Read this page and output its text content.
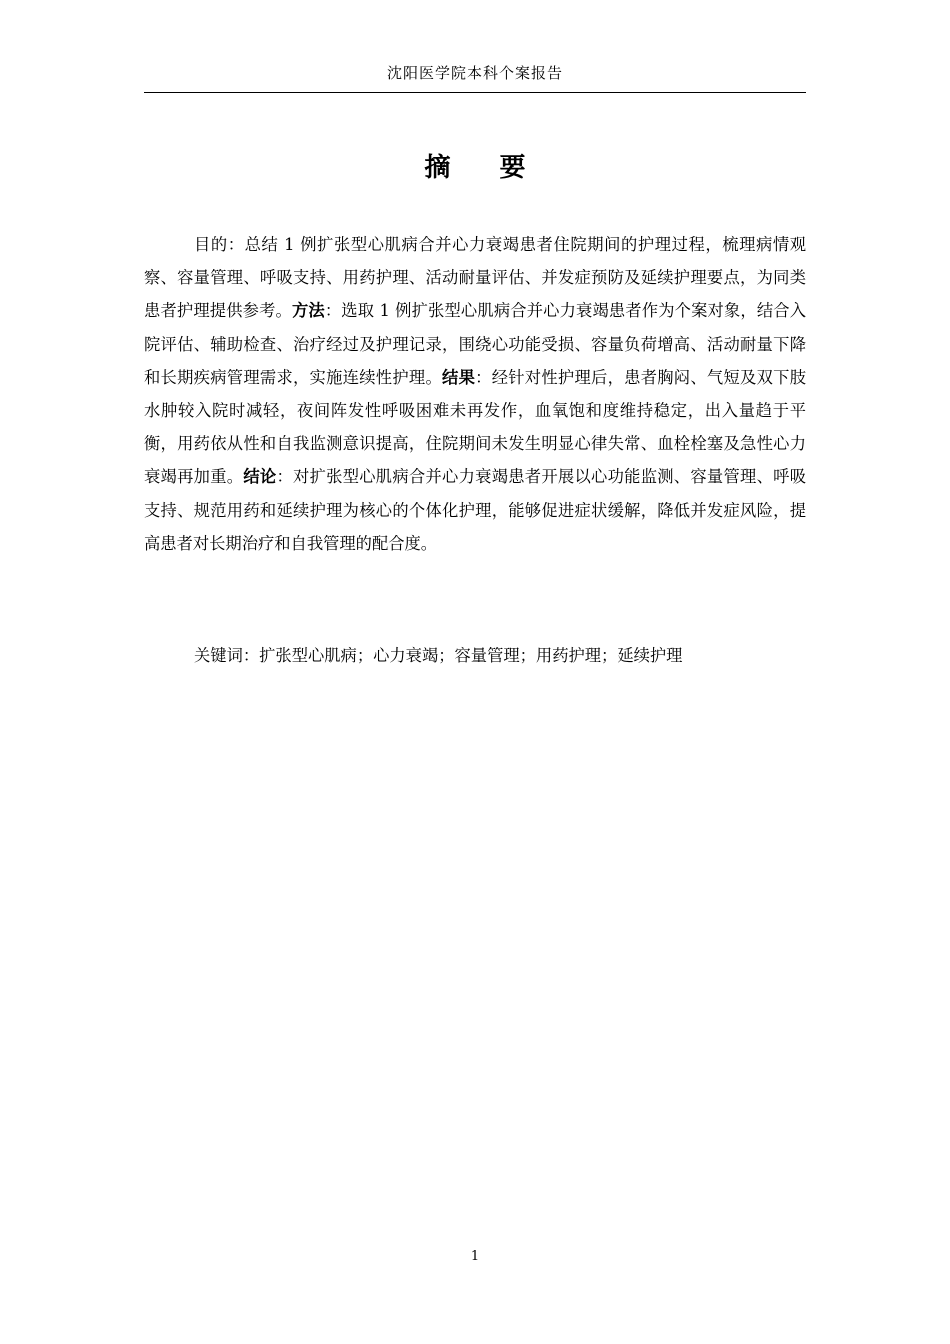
沈阳医学院本科个案报告
摘 要

目的：总结 1 例扩张型心肌病合并心力衰竭患者住院期间的护理过程，梳理病情观察、容量管理、呼吸支持、用药护理、活动耐量评估、并发症预防及延续护理要点，为同类患者护理提供参考。方法：选取 1 例扩张型心肌病合并心力衰竭患者作为个案对象，结合入院评估、辅助检查、治疗经过及护理记录，围绕心功能受损、容量负荷增高、活动耐量下降和长期疾病管理需求，实施连续性护理。结果：经针对性护理后，患者胸闷、气短及双下肢水肿较入院时减轻，夜间阵发性呼吸困难未再发作，血氧饱和度维持稳定，出入量趋于平衡，用药依从性和自我监测意识提高，住院期间未发生明显心律失常、血栓栓塞及急性心力衰竭再加重。结论：对扩张型心肌病合并心力衰竭患者开展以心功能监测、容量管理、呼吸支持、规范用药和延续护理为核心的个体化护理，能够促进症状缓解，降低并发症风险，提高患者对长期治疗和自我管理的配合度。

关键词：扩张型心肌病；心力衰竭；容量管理；用药护理；延续护理

1
